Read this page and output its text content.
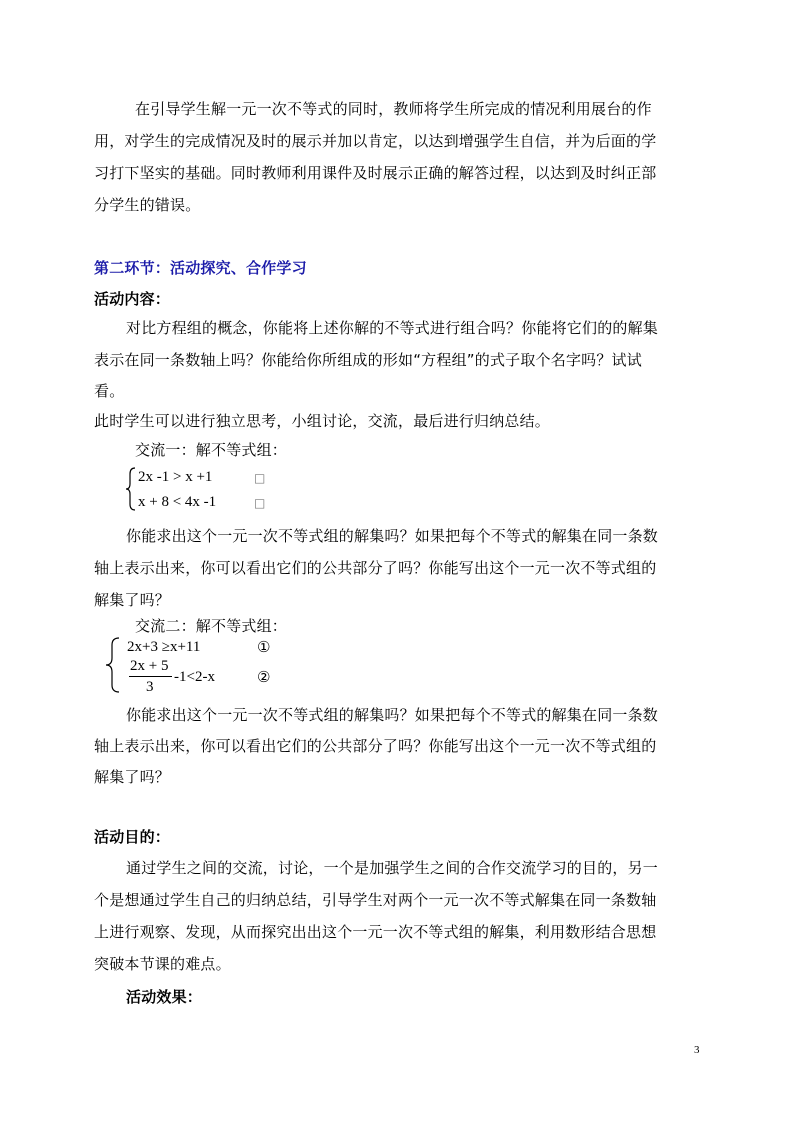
在引导学生解一元一次不等式的同时，教师将学生所完成的情况利用展台的作
用，对学生的完成情况及时的展示并加以肯定，以达到增强学生自信，并为后面的学
习打下坚实的基础。同时教师利用课件及时展示正确的解答过程，以达到及时纠正部
分学生的错误。
第二环节：活动探究、合作学习
活动内容：
对比方程组的概念，你能将上述你解的不等式进行组合吗？你能将它们的的解集
表示在同一条数轴上吗？你能给你所组成的形如“方程组”的式子取个名字吗？试试
看。
此时学生可以进行独立思考，小组讨论，交流，最后进行归纳总结。
交流一：解不等式组：
2x -1 > x +1
x + 8 < 4x -1
□
□
你能求出这个一元一次不等式组的解集吗？如果把每个不等式的解集在同一条数
轴上表示出来，你可以看出它们的公共部分了吗？你能写出这个一元一次不等式组的
解集了吗？
交流二：解不等式组：
2x+3 ≥x+11	①
2x + 5
3
-1<2-x	②
你能求出这个一元一次不等式组的解集吗？如果把每个不等式的解集在同一条数
轴上表示出来，你可以看出它们的公共部分了吗？你能写出这个一元一次不等式组的
解集了吗？
活动目的：
通过学生之间的交流，讨论，一个是加强学生之间的合作交流学习的目的，另一
个是想通过学生自己的归纳总结，引导学生对两个一元一次不等式解集在同一条数轴
上进行观察、发现，从而探究出出这个一元一次不等式组的解集，利用数形结合思想
突破本节课的难点。
活动效果：
3
